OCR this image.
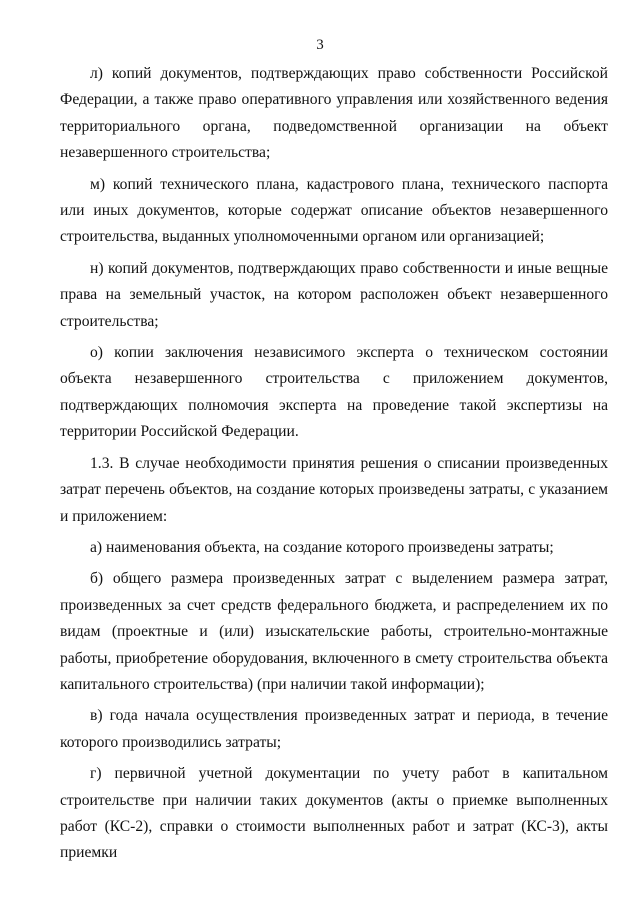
3

л) копий документов, подтверждающих право собственности Российской Федерации, а также право оперативного управления или хозяйственного ведения территориального органа, подведомственной организации на объект незавершенного строительства;

м) копий технического плана, кадастрового плана, технического паспорта или иных документов, которые содержат описание объектов незавершенного строительства, выданных уполномоченными органом или организацией;

н) копий документов, подтверждающих право собственности и иные вещные права на земельный участок, на котором расположен объект незавершенного строительства;

о) копии заключения независимого эксперта о техническом состоянии объекта незавершенного строительства с приложением документов, подтверждающих полномочия эксперта на проведение такой экспертизы на территории Российской Федерации.

1.3. В случае необходимости принятия решения о списании произведенных затрат перечень объектов, на создание которых произведены затраты, с указанием и приложением:

а) наименования объекта, на создание которого произведены затраты;

б) общего размера произведенных затрат с выделением размера затрат, произведенных за счет средств федерального бюджета, и распределением их по видам (проектные и (или) изыскательские работы, строительно-монтажные работы, приобретение оборудования, включенного в смету строительства объекта капитального строительства) (при наличии такой информации);

в) года начала осуществления произведенных затрат и периода, в течение которого производились затраты;

г) первичной учетной документации по учету работ в капитальном строительстве при наличии таких документов (акты о приемке выполненных работ (КС-2), справки о стоимости выполненных работ и затрат (КС-3), акты приемки
